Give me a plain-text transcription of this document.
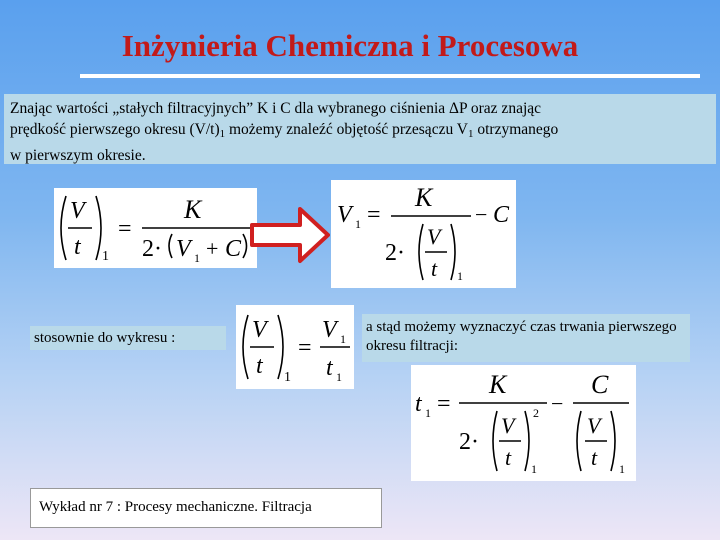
Inżynieria Chemiczna i Procesowa
Znając wartości „stałych filtracyjnych” K i C dla wybranego ciśnienia ΔP oraz znając
prędkość pierwszego okresu $(V/t)_1$ możemy znaleźć objętość przesączu $V_1$ otrzymanego
w pierwszym okresie.
V
t 1
=
K
2· V 1 + C
V 1 =
K
2·
V
t 1
− C
stosownie do wykresu :	V
t 1
=
V 1
t 1
a stąd możemy wyznaczyć czas trwania pierwszego okresu filtracji:
t 1 =
K
2·
V
t
2
1
−
C
V
t 1
Wykład nr 7 : Procesy mechaniczne. Filtracja
